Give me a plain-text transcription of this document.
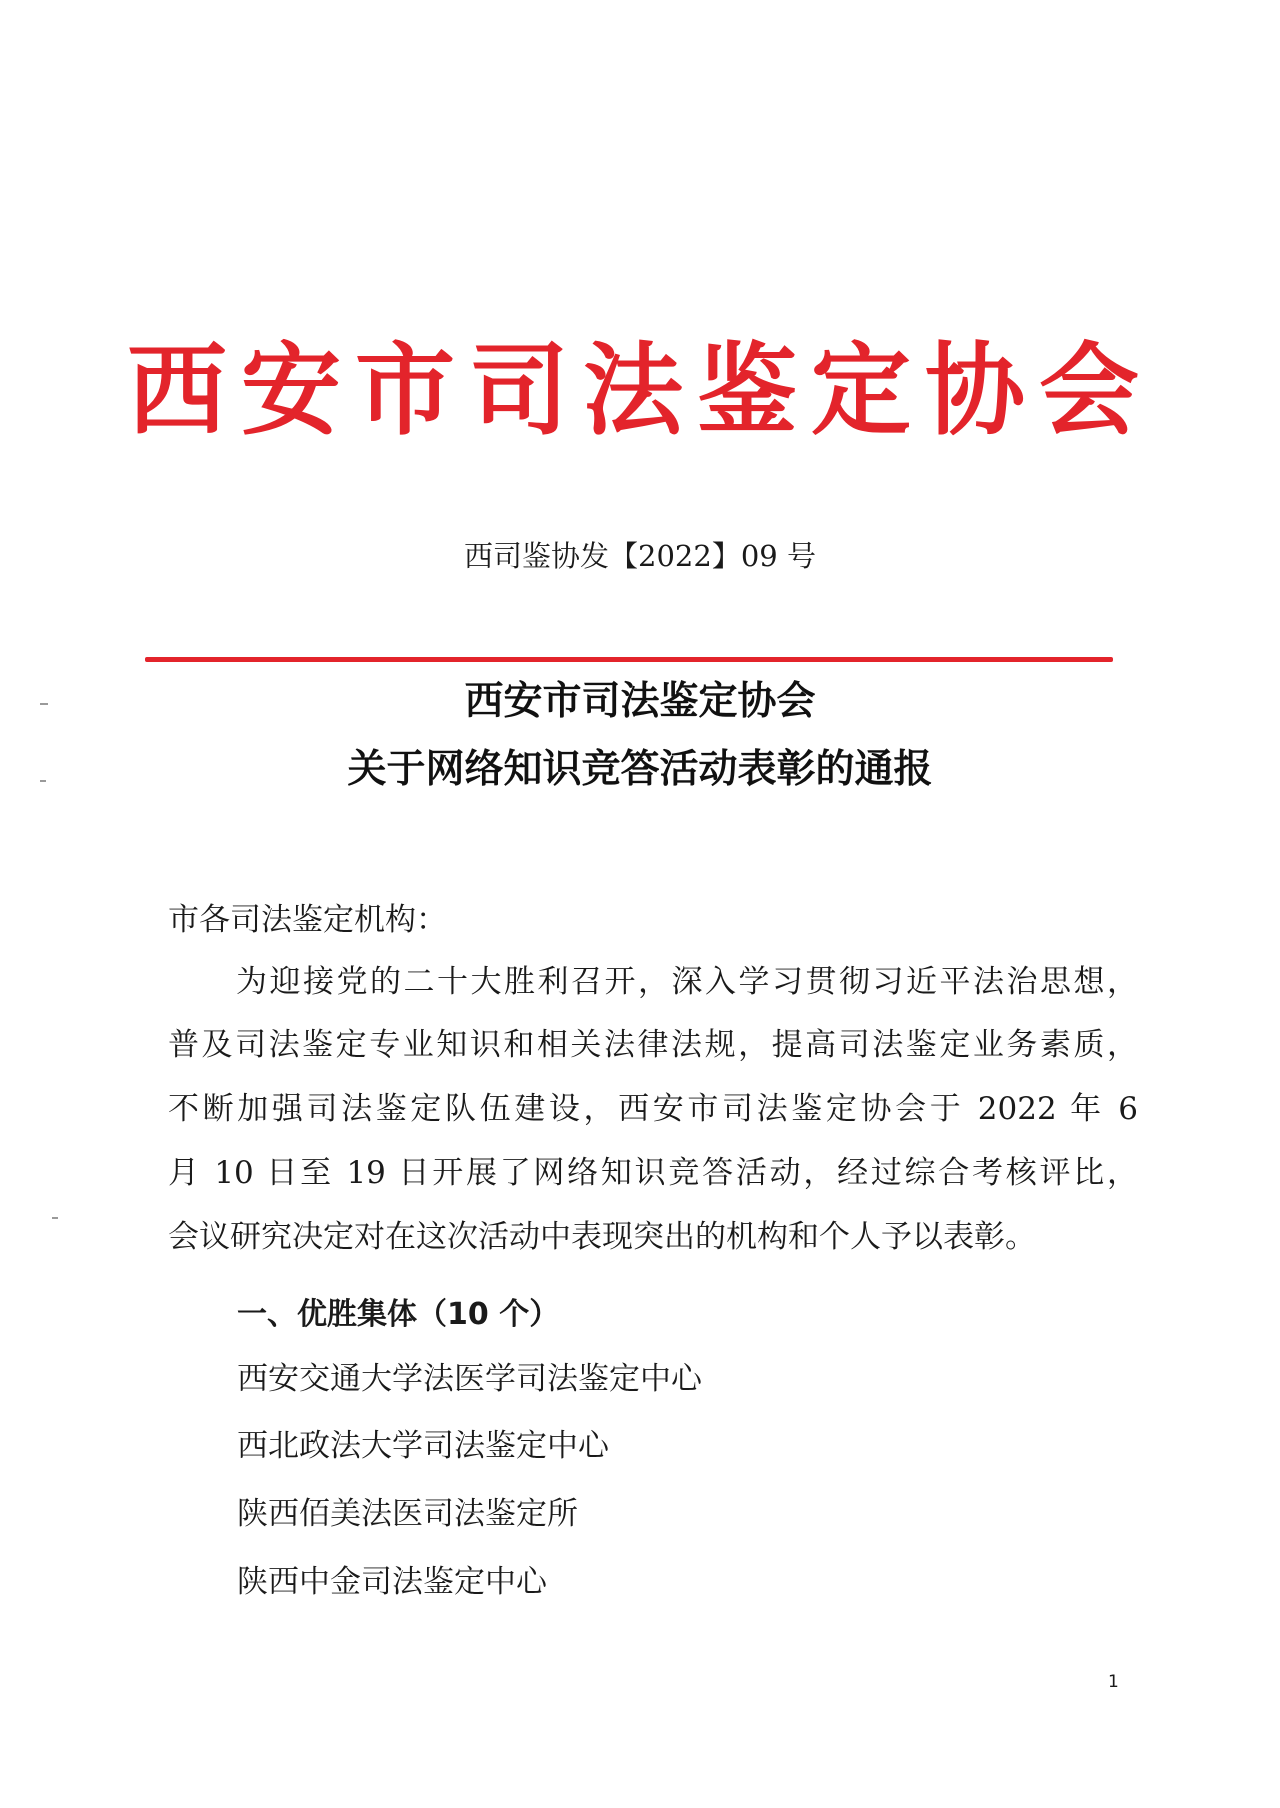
西安市司法鉴定协会
西司鉴协发【2022】09 号
西安市司法鉴定协会
关于网络知识竞答活动表彰的通报
市各司法鉴定机构：
为迎接党的二十大胜利召开，深入学习贯彻习近平法治思想，
普及司法鉴定专业知识和相关法律法规，提高司法鉴定业务素质，
不断加强司法鉴定队伍建设，西安市司法鉴定协会于 2022 年 6
月 10 日至 19 日开展了网络知识竞答活动，经过综合考核评比，
会议研究决定对在这次活动中表现突出的机构和个人予以表彰。
一、优胜集体（10 个）
西安交通大学法医学司法鉴定中心
西北政法大学司法鉴定中心
陕西佰美法医司法鉴定所
陕西中金司法鉴定中心
1
